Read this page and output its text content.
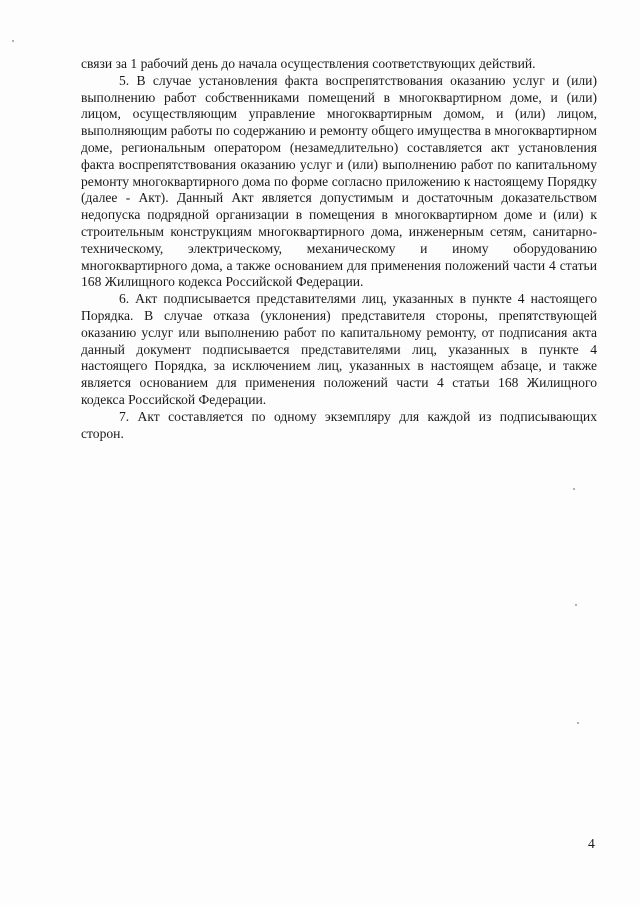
связи за 1 рабочий день до начала осуществления соответствующих действий.

5. В случае установления факта воспрепятствования оказанию услуг и (или) выполнению работ собственниками помещений в многоквартирном доме, и (или) лицом, осуществляющим управление многоквартирным домом, и (или) лицом, выполняющим работы по содержанию и ремонту общего имущества в многоквартирном доме, региональным оператором (незамедлительно) составляется акт установления факта воспрепятствования оказанию услуг и (или) выполнению работ по капитальному ремонту многоквартирного дома по форме согласно приложению к настоящему Порядку (далее - Акт). Данный Акт является допустимым и достаточным доказательством недопуска подрядной организации в помещения в многоквартирном доме и (или) к строительным конструкциям многоквартирного дома, инженерным сетям, санитарно-техническому, электрическому, механическому и иному оборудованию многоквартирного дома, а также основанием для применения положений части 4 статьи 168 Жилищного кодекса Российской Федерации.

6. Акт подписывается представителями лиц, указанных в пункте 4 настоящего Порядка. В случае отказа (уклонения) представителя стороны, препятствующей оказанию услуг или выполнению работ по капитальному ремонту, от подписания акта данный документ подписывается представителями лиц, указанных в пункте 4 настоящего Порядка, за исключением лиц, указанных в настоящем абзаце, и также является основанием для применения положений части 4 статьи 168 Жилищного кодекса Российской Федерации.

7. Акт составляется по одному экземпляру для каждой из подписывающих сторон.

4
